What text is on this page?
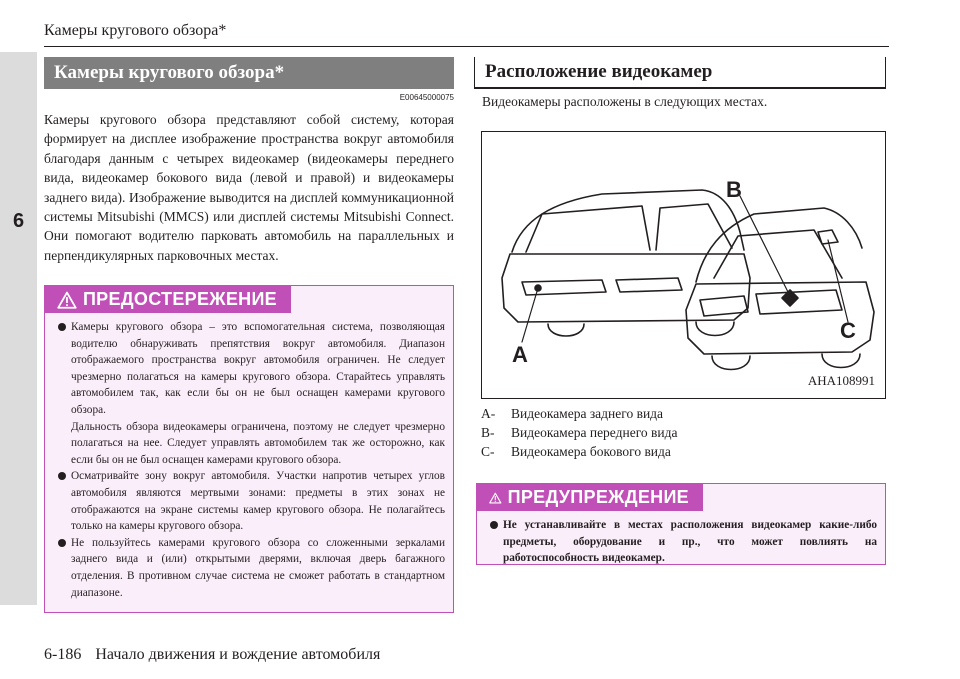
6
Камеры кругового обзора*
Камеры кругового обзора*
E00645000075

Камеры кругового обзора представляют собой систему, которая формирует на дисплее изображение пространства вокруг автомобиля благодаря данным с четырех видеокамер (видеокамеры переднего вида, видеокамер бокового вида (левой и правой) и видеокамеры заднего вида). Изображение выводится на дисплей коммуникационной системы Mitsubishi (MMCS) или дисплей системы Mitsubishi Connect. Они помогают водителю парковать автомобиль на параллельных и перпендикулярных парковочных местах.

ПРЕДОСТЕРЕЖЕНИЕ

Камеры кругового обзора – это вспомогательная система, позволяющая водителю обнаруживать препятствия вокруг автомобиля. Диапазон отображаемого пространства вокруг автомобиля ограничен. Не следует чрезмерно полагаться на камеры кругового обзора. Старайтесь управлять автомобилем так, как если бы он не был оснащен камерами кругового обзора.

Дальность обзора видеокамеры ограничена, поэтому не следует чрезмерно полагаться на нее. Следует управлять автомобилем так же осторожно, как если бы он не был оснащен камерами кругового обзора.

Осматривайте зону вокруг автомобиля. Участки напротив четырех углов автомобиля являются мертвыми зонами: предметы в этих зонах не отображаются на экране системы камер кругового обзора. Не полагайтесь только на камеры кругового обзора.

Не пользуйтесь камерами кругового обзора со сложенными зеркалами заднего вида и (или) открытыми дверями, включая дверь багажного отделения. В противном случае система не сможет работать в стандартном диапазоне.

Расположение видеокамер
Видеокамеры расположены в следующих местах.
A
B
C
AHA108991
A- Видеокамера заднего вида
B- Видеокамера переднего вида
C- Видеокамера бокового вида
ПРЕДУПРЕЖДЕНИЕ

Не устанавливайте в местах расположения видеокамер какие-либо предметы, оборудование и пр., что может повлиять на работоспособность видеокамер.

6-186 Начало движения и вождение автомобиля
